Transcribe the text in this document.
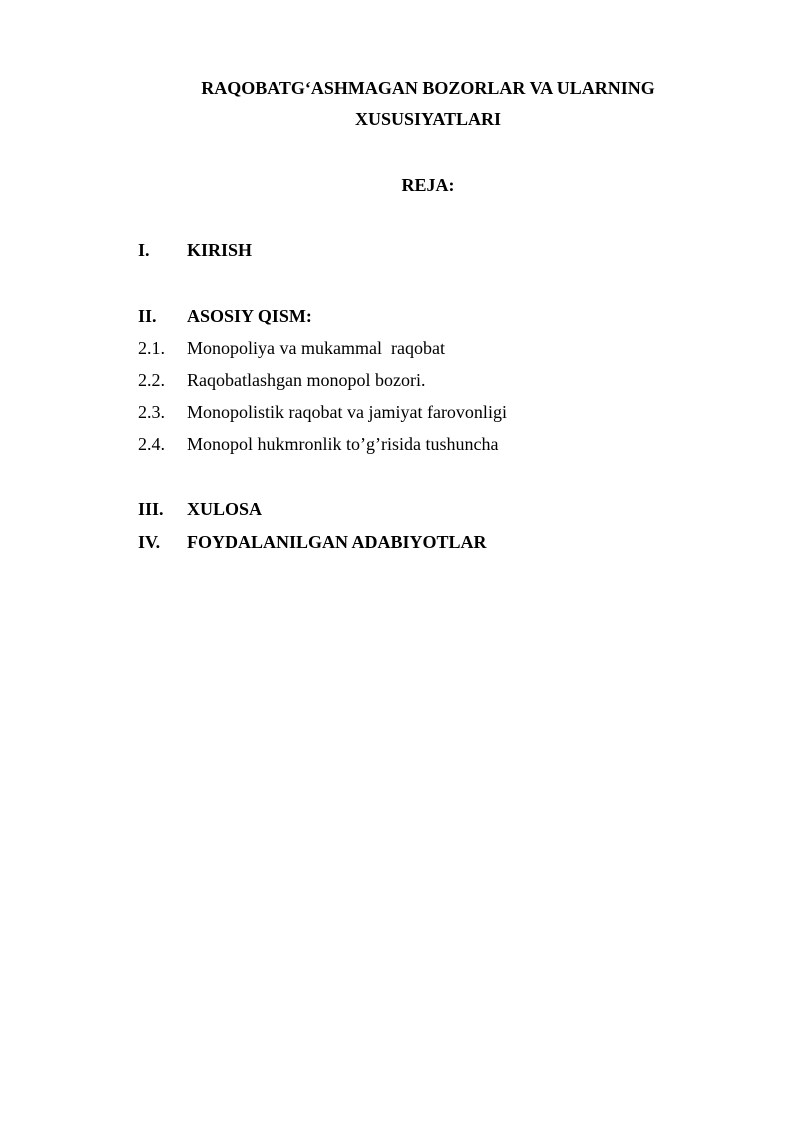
RAQOBATG‘ASHMAGAN BOZORLAR VA ULARNING
XUSUSIYATLARI
REJA:
I. KIRISH
II. ASOSIY QISM:
2.1. Monopoliya va mukammal  raqobat
2.2. Raqobatlashgan monopol bozori.
2.3. Monopolistik raqobat va jamiyat farovonligi
2.4. Monopol hukmronlik to’g’risida tushuncha
III. XULOSA
IV. FOYDALANILGAN ADABIYOTLAR
